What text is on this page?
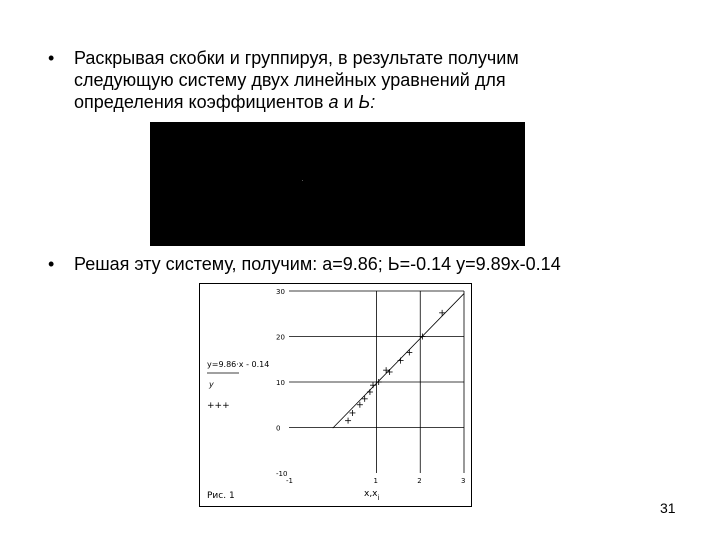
•	Раскрывая скобки и группируя, в результате получим следующую систему двух линейных уравнений для определения коэффициентов a и Ь:
•	Решая эту систему, получим: а=9.86; Ь=-0.14 y=9.89x-0.14
-1	1	2	3
30
20
10
0
-10
y=9.86·x - 0.14
y
+++
Рис. 1	$x,x_i$
31
